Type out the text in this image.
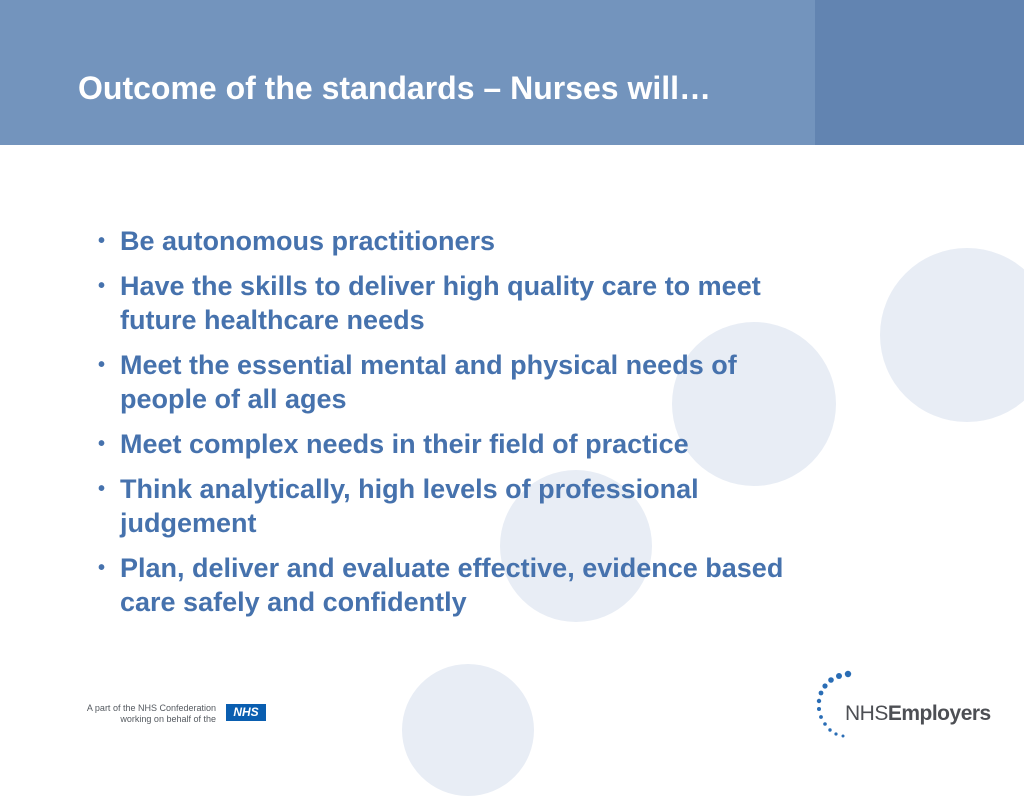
Outcome of the standards – Nurses will…
• Be autonomous practitioners
• Have the skills to deliver high quality care to meet future healthcare needs
• Meet the essential mental and physical needs of people of all ages
• Meet complex needs in their field of practice
• Think analytically, high levels of professional judgement
• Plan, deliver and evaluate effective, evidence based care safely and confidently
A part of the NHS Confederation
working on behalf of the	NHS	NHSEmployers
